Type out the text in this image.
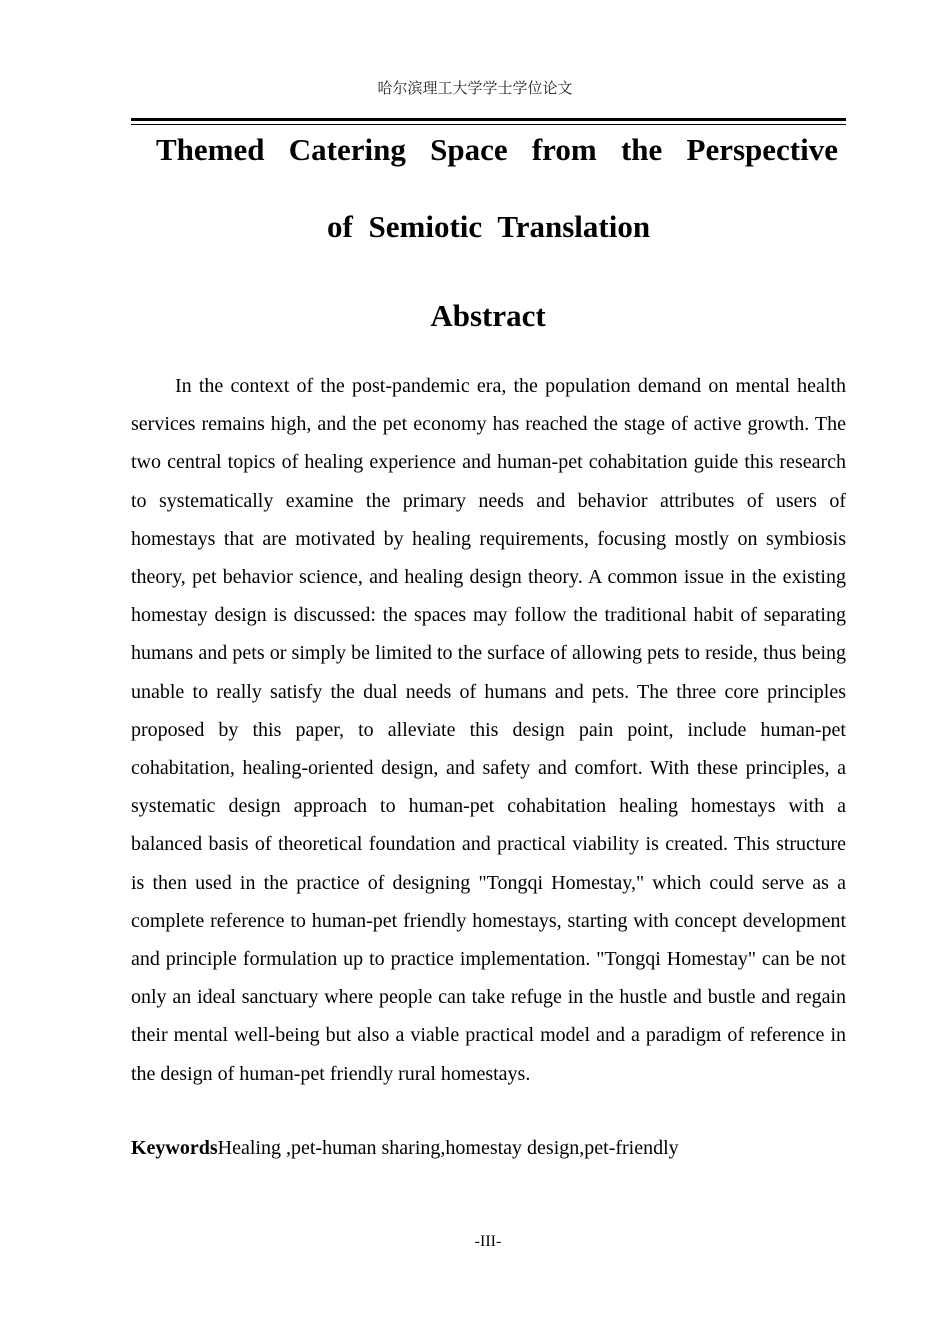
哈尔滨理工大学学士学位论文
Themed Catering Space from the Perspective
of Semiotic Translation
Abstract

In the context of the post-pandemic era, the population demand on mental health services remains high, and the pet economy has reached the stage of active growth. The two central topics of healing experience and human-pet cohabitation guide this research to systematically examine the primary needs and behavior attributes of users of homestays that are motivated by healing requirements, focusing mostly on symbiosis theory, pet behavior science, and healing design theory. A common issue in the existing homestay design is discussed: the spaces may follow the traditional habit of separating humans and pets or simply be limited to the surface of allowing pets to reside, thus being unable to really satisfy the dual needs of humans and pets. The three core principles proposed by this paper, to alleviate this design pain point, include human-pet cohabitation, healing-oriented design, and safety and comfort. With these principles, a systematic design approach to human-pet cohabitation healing homestays with a balanced basis of theoretical foundation and practical viability is created. This structure is then used in the practice of designing "Tongqi Homestay," which could serve as a complete reference to human-pet friendly homestays, starting with concept development and principle formulation up to practice implementation. "Tongqi Homestay" can be not only an ideal sanctuary where people can take refuge in the hustle and bustle and regain their mental well-being but also a viable practical model and a paradigm of reference in the design of human-pet friendly rural homestays.

KeywordsHealing ,pet-human sharing,homestay design,pet-friendly

-III-
